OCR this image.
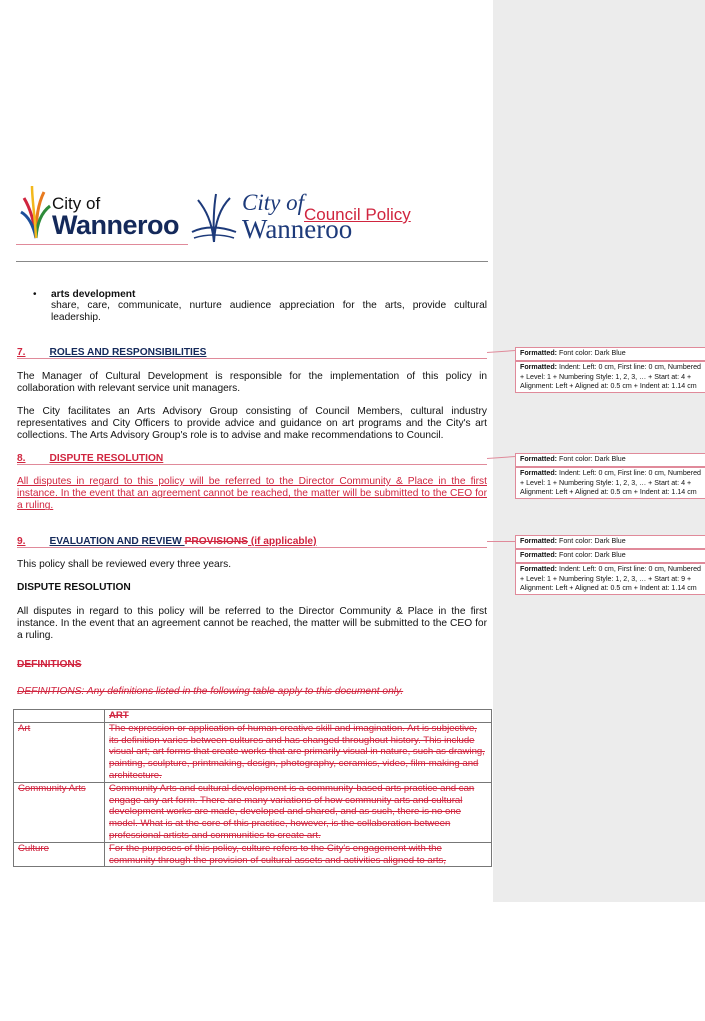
City of
Wanneroo
City of
Wanneroo
Council Policy
• arts development
share, care, communicate, nurture audience appreciation for the arts, provide cultural leadership.
7. ROLES AND RESPONSIBILITIES
The Manager of Cultural Development is responsible for the implementation of this policy in collaboration with relevant service unit managers.
The City facilitates an Arts Advisory Group consisting of Council Members, cultural industry representatives and City Officers to provide advice and guidance on art programs and the City's art collections. The Arts Advisory Group's role is to advise and make recommendations to Council.
8. DISPUTE RESOLUTION
All disputes in regard to this policy will be referred to the Director Community & Place in the first instance. In the event that an agreement cannot be reached, the matter will be submitted to the CEO for a ruling.
9. EVALUATION AND REVIEW PROVISIONS (if applicable)
This policy shall be reviewed every three years.
DISPUTE RESOLUTION
All disputes in regard to this policy will be referred to the Director Community & Place in the first instance. In the event that an agreement cannot be reached, the matter will be submitted to the CEO for a ruling.
DEFINITIONS
DEFINITIONS: Any definitions listed in the following table apply to this document only.
	ART
Art	The expression or application of human creative skill and imagination. Art is subjective, its definition varies between cultures and has changed throughout history. This include visual art; art forms that create works that are primarily visual in nature, such as drawing, painting, sculpture, printmaking, design, photography, ceramics, video, film-making and architecture.
Community Arts	Community Arts and cultural development is a community-based arts practice and can engage any art form. There are many variations of how community arts and cultural development works are made, developed and shared, and as such, there is no one model. What is at the core of this practice, however, is the collaboration between professional artists and communities to create art.
Culture	For the purposes of this policy, culture refers to the City's engagement with the community through the provision of cultural assets and activities aligned to arts,
Formatted: Font color: Dark Blue
Formatted: Indent: Left: 0 cm, First line: 0 cm, Numbered
+ Level: 1 + Numbering Style: 1, 2, 3, … + Start at: 4 +
Alignment: Left + Aligned at: 0.5 cm + Indent at: 1.14 cm
Formatted: Font color: Dark Blue
Formatted: Indent: Left: 0 cm, First line: 0 cm, Numbered
+ Level: 1 + Numbering Style: 1, 2, 3, … + Start at: 4 +
Alignment: Left + Aligned at: 0.5 cm + Indent at: 1.14 cm
Formatted: Font color: Dark Blue
Formatted: Font color: Dark Blue
Formatted: Indent: Left: 0 cm, First line: 0 cm, Numbered
+ Level: 1 + Numbering Style: 1, 2, 3, … + Start at: 9 +
Alignment: Left + Aligned at: 0.5 cm + Indent at: 1.14 cm
